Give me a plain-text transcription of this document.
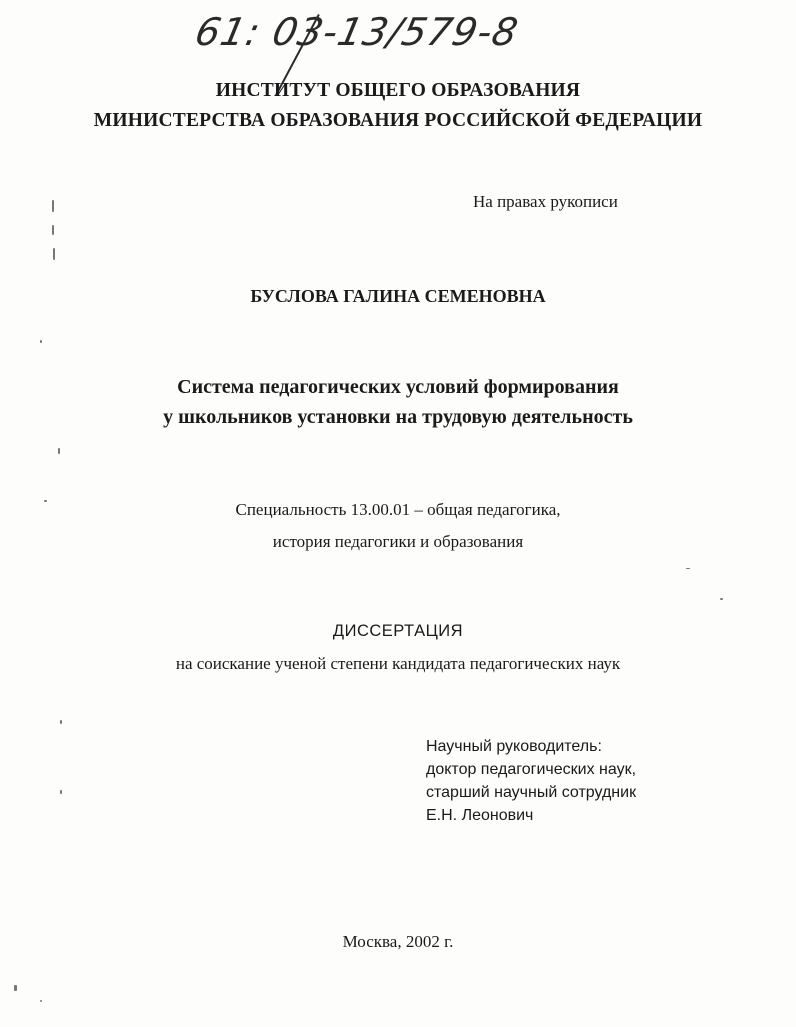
61: 03-13/579-8
ИНСТИТУТ ОБЩЕГО ОБРАЗОВАНИЯ
МИНИСТЕРСТВА ОБРАЗОВАНИЯ РОССИЙСКОЙ ФЕДЕРАЦИИ
На правах рукописи
БУСЛОВА ГАЛИНА СЕМЕНОВНА
Система педагогических условий формирования
у школьников установки на трудовую деятельность
Специальность 13.00.01 – общая педагогика,
история педагогики и образования
ДИССЕРТАЦИЯ
на соискание ученой степени кандидата педагогических наук
Научный руководитель:
доктор педагогических наук,
старший научный сотрудник
Е.Н. Леонович
Москва, 2002 г.
